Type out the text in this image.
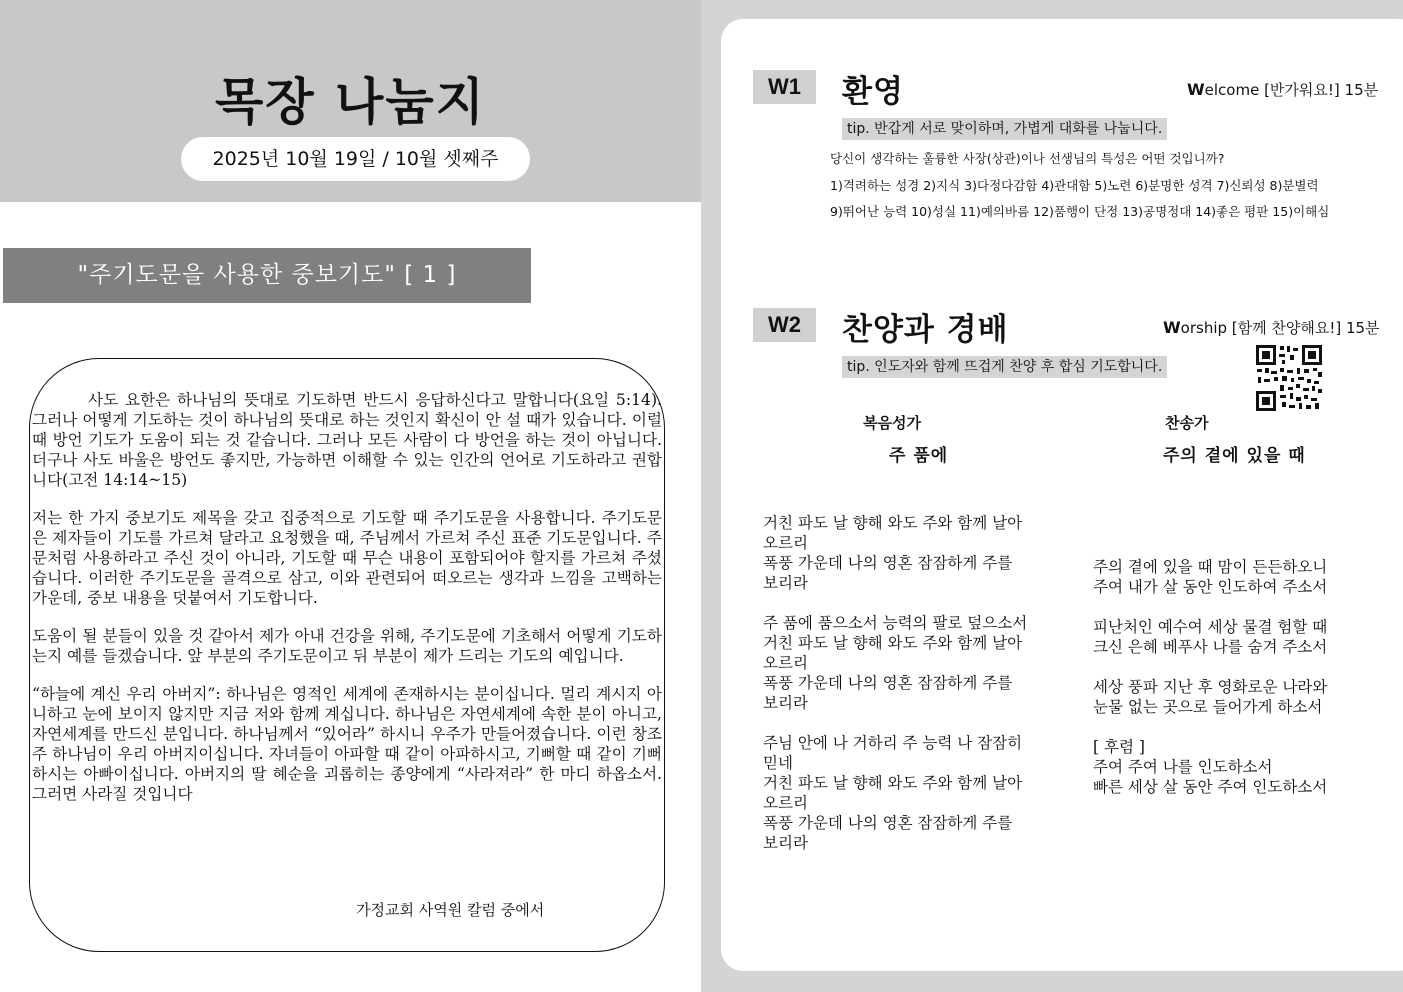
목장 나눔지
2025년 10월 19일 / 10월 셋째주
"주기도문을 사용한 중보기도" [ 1 ]

사도 요한은 하나님의 뜻대로 기도하면 반드시 응답하신다고 말합니다(요일 5:14). 그러나 어떻게 기도하는 것이 하나님의 뜻대로 하는 것인지 확신이 안 설 때가 있습니다. 이럴 때 방언 기도가 도움이 되는 것 같습니다. 그러나 모든 사람이 다 방언을 하는 것이 아닙니다. 더구나 사도 바울은 방언도 좋지만, 가능하면 이해할 수 있는 인간의 언어로 기도하라고 권합니다(고전 14:14~15)

저는 한 가지 중보기도 제목을 갖고 집중적으로 기도할 때 주기도문을 사용합니다. 주기도문은 제자들이 기도를 가르쳐 달라고 요청했을 때, 주님께서 가르쳐 주신 표준 기도문입니다. 주문처럼 사용하라고 주신 것이 아니라, 기도할 때 무슨 내용이 포함되어야 할지를 가르쳐 주셨습니다. 이러한 주기도문을 골격으로 삼고, 이와 관련되어 떠오르는 생각과 느낌을 고백하는 가운데, 중보 내용을 덧붙여서 기도합니다.

도움이 될 분들이 있을 것 같아서 제가 아내 건강을 위해, 주기도문에 기초해서 어떻게 기도하는지 예를 들겠습니다. 앞 부분의 주기도문이고 뒤 부분이 제가 드리는 기도의 예입니다.

“하늘에 계신 우리 아버지”: 하나님은 영적인 세계에 존재하시는 분이십니다. 멀리 계시지 아니하고 눈에 보이지 않지만 지금 저와 함께 계십니다. 하나님은 자연세계에 속한 분이 아니고, 자연세계를 만드신 분입니다. 하나님께서 “있어라” 하시니 우주가 만들어졌습니다. 이런 창조주 하나님이 우리 아버지이십니다. 자녀들이 아파할 때 같이 아파하시고, 기뻐할 때 같이 기뻐하시는 아빠이십니다. 아버지의 딸 혜순을 괴롭히는 종양에게 “사라져라” 한 마디 하옵소서. 그러면 사라질 것입니다

가정교회 사역원 칼럼 중에서
W1	환영	Welcome [반가워요!] 15분
tip. 반갑게 서로 맞이하며, 가볍게 대화를 나눕니다.
당신이 생각하는 훌륭한 사장(상관)이나 선생님의 특성은 어떤 것입니까?
1)격려하는 성경 2)지식 3)다정다감함 4)관대함 5)노련 6)분명한 성격 7)신뢰성 8)분별력
9)뛰어난 능력 10)성실 11)예의바름 12)품행이 단정 13)공명정대 14)좋은 평판 15)이해심
W2	찬양과 경배	Worship [함께 찬양해요!] 15분
tip. 인도자와 함께 뜨겁게 찬양 후 합심 기도합니다.
복음성가
주 품에
찬송가
주의 곁에 있을 때
거친 파도 날 향해 와도 주와 함께 날아
오르리
폭풍 가운데 나의 영혼 잠잠하게 주를
보리라
주 품에 품으소서 능력의 팔로 덮으소서
거친 파도 날 향해 와도 주와 함께 날아
오르리
폭풍 가운데 나의 영혼 잠잠하게 주를
보리라
주님 안에 나 거하리 주 능력 나 잠잠히
믿네
거친 파도 날 향해 와도 주와 함께 날아
오르리
폭풍 가운데 나의 영혼 잠잠하게 주를
보리라
주의 곁에 있을 때 맘이 든든하오니
주여 내가 살 동안 인도하여 주소서
피난처인 예수여 세상 물결 험할 때
크신 은혜 베푸사 나를 숨겨 주소서
세상 풍파 지난 후 영화로운 나라와
눈물 없는 곳으로 들어가게 하소서
[ 후렴 ]
주여 주여 나를 인도하소서
빠른 세상 살 동안 주여 인도하소서
